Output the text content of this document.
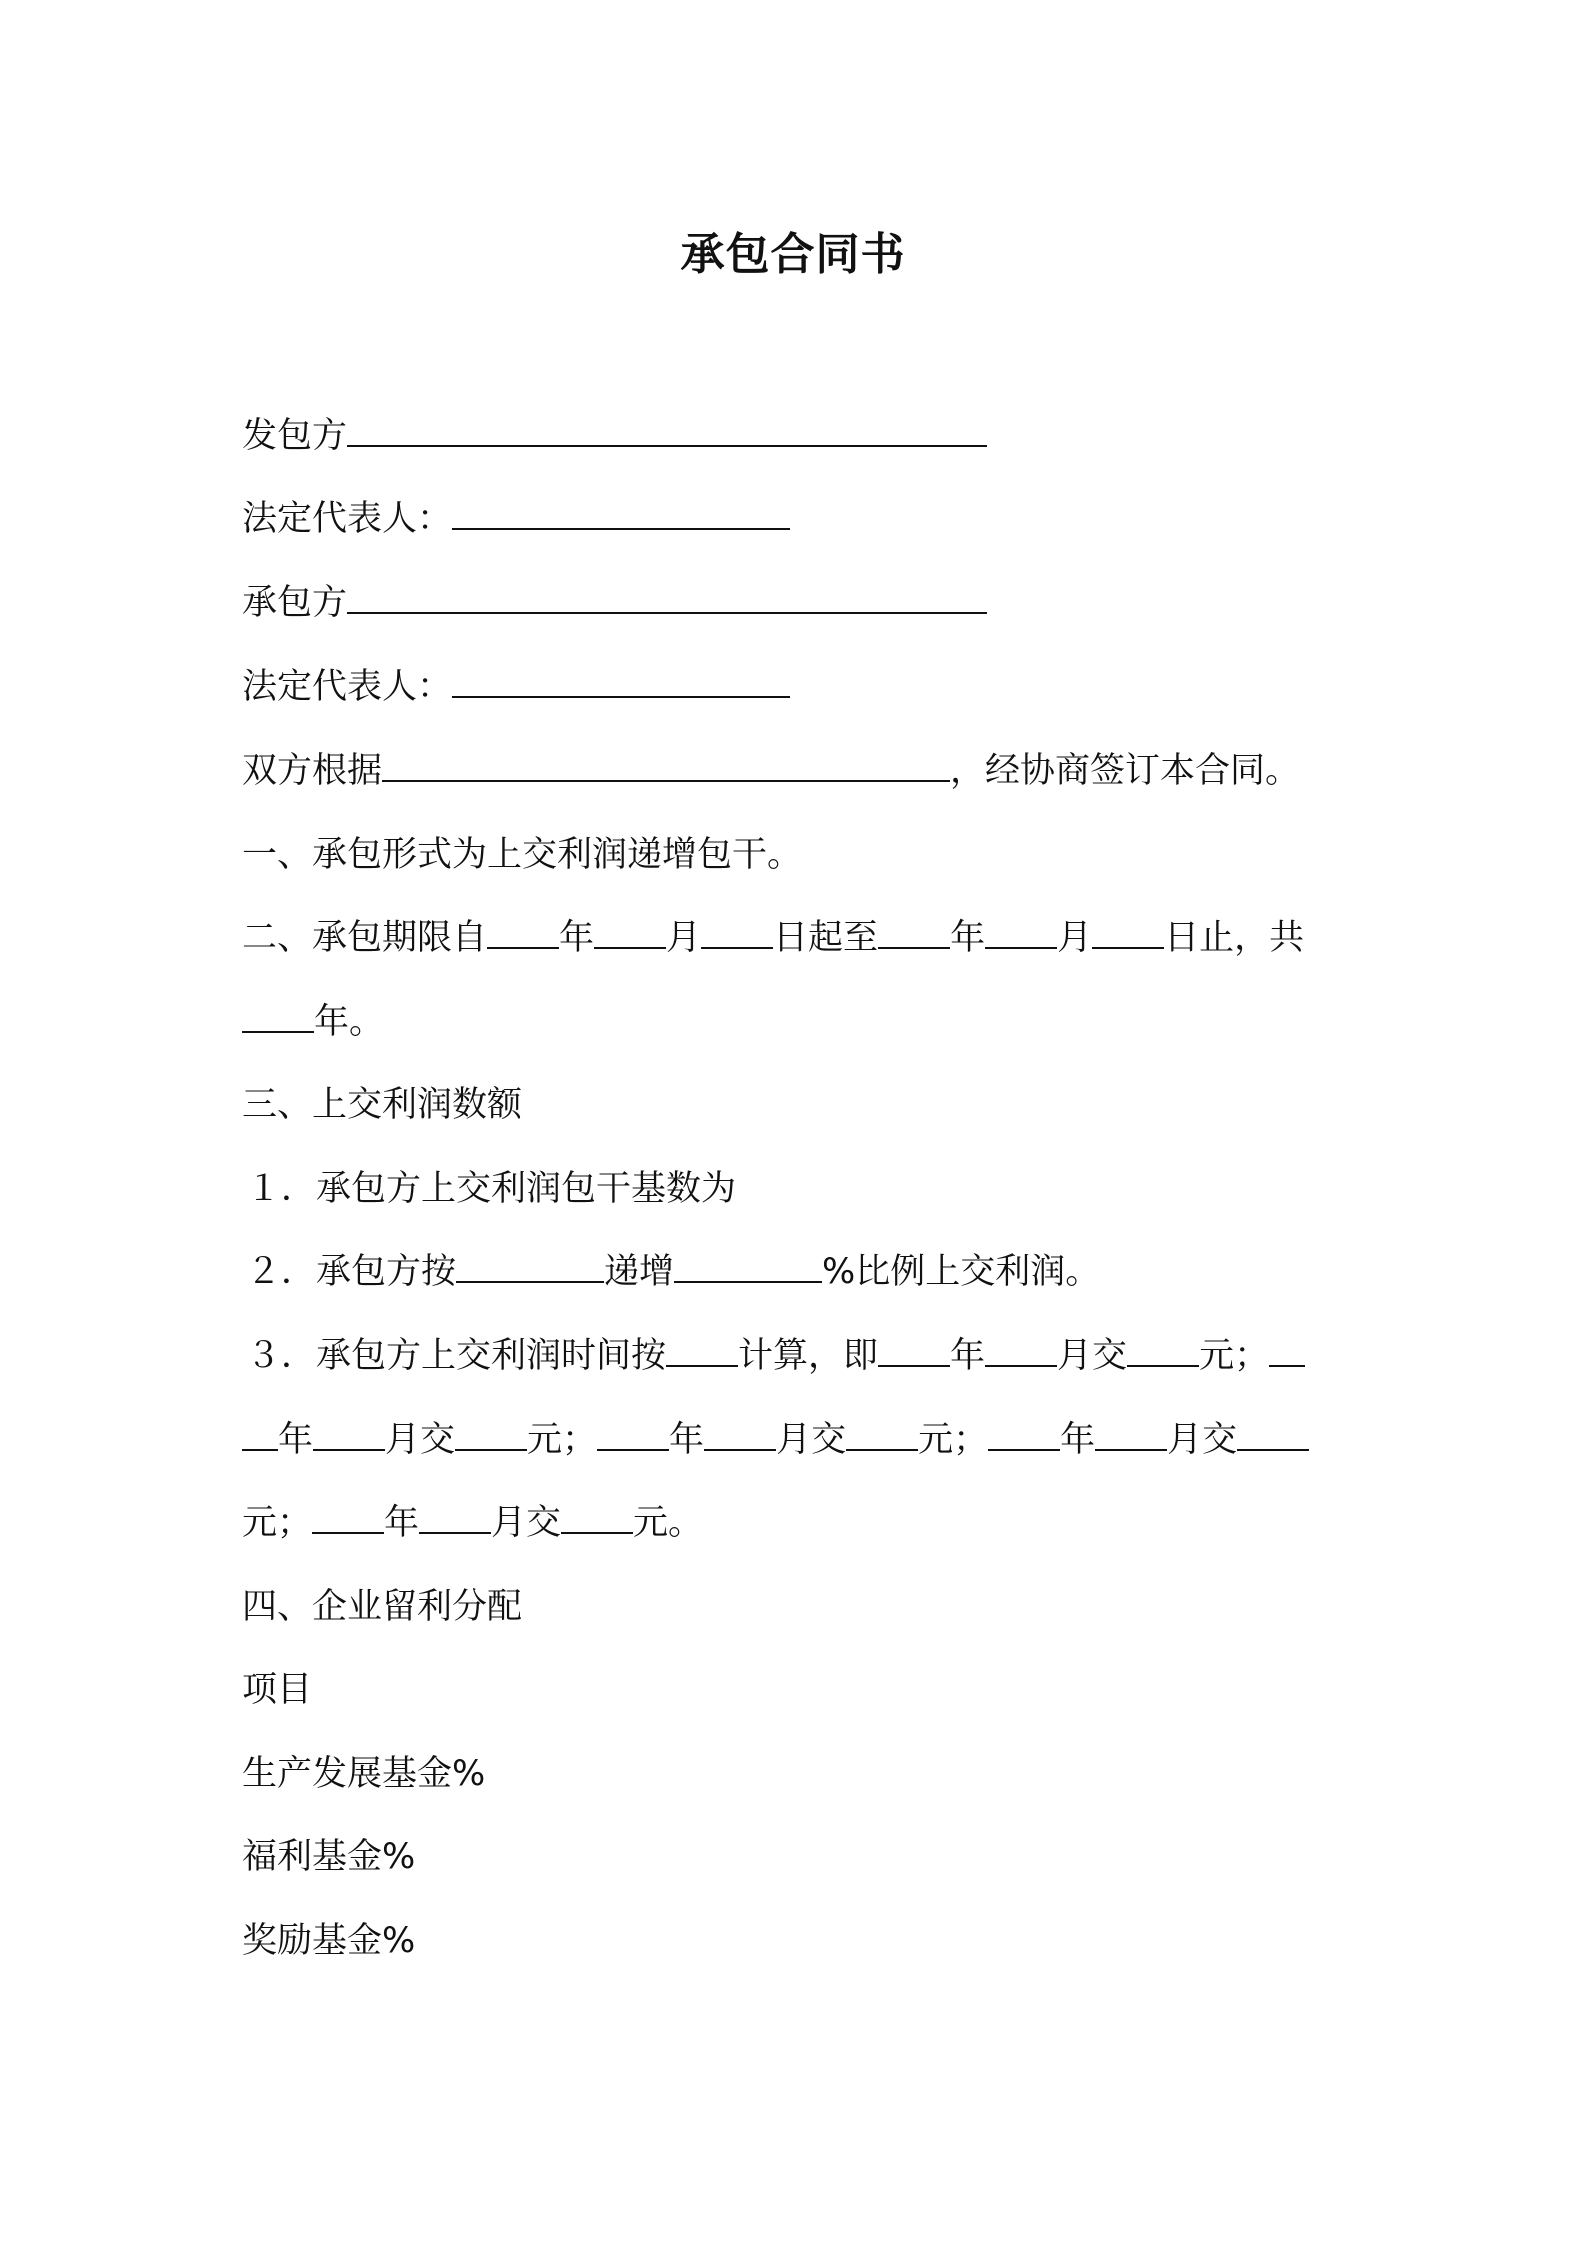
承包合同书
发包方
法定代表人：
承包方
法定代表人：
双方根据	，经协商签订本合同。
一、承包形式为上交利润递增包干。
二、承包期限自 年 月 日起至 年 月 日止，共
年。
三、上交利润数额
１．承包方上交利润包干基数为
２．承包方按	递增	%比例上交利润。
３．承包方上交利润时间按 计算，即 年 月交 元；
年 月交 元； 年 月交 元； 年 月交
元； 年 月交 元。
四、企业留利分配
项目
生产发展基金%
福利基金%
奖励基金%
